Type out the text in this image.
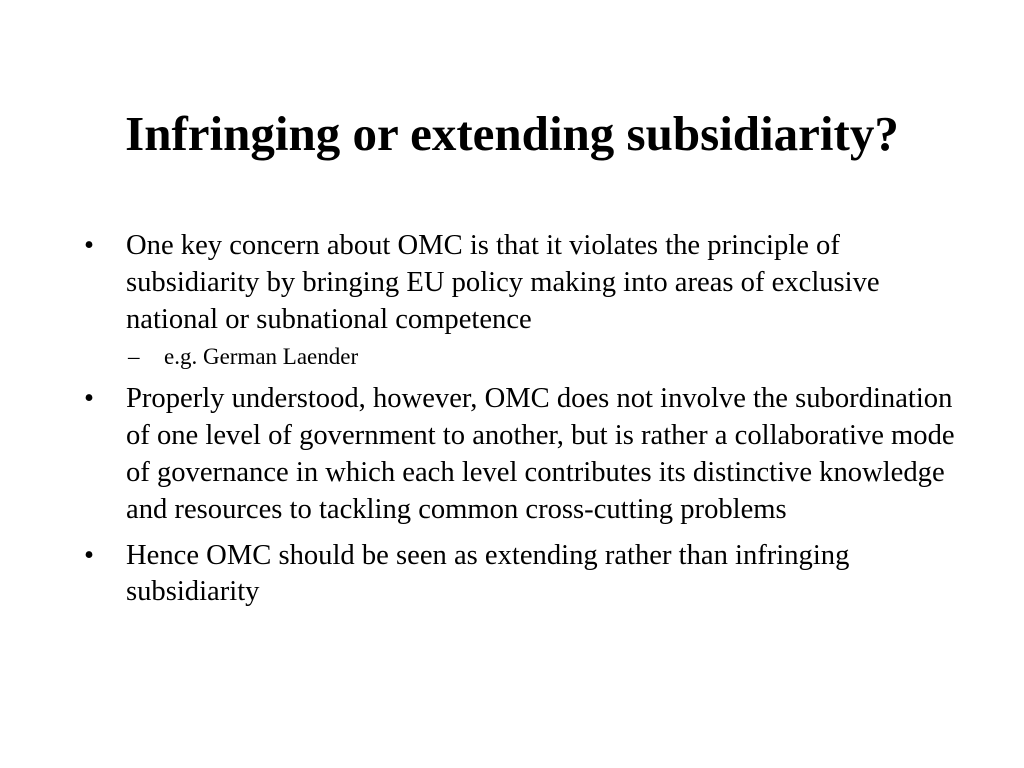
Infringing or extending subsidiarity?
•	One key concern about OMC is that it violates the principle of subsidiarity by bringing EU policy making into areas of exclusive national or subnational competence
– e.g. German Laender
•	Properly understood, however, OMC does not involve the subordination of one level of government to another, but is rather a collaborative mode of governance in which each level contributes its distinctive knowledge and resources to tackling common cross-cutting problems
•	Hence OMC should be seen as extending rather than infringing subsidiarity
